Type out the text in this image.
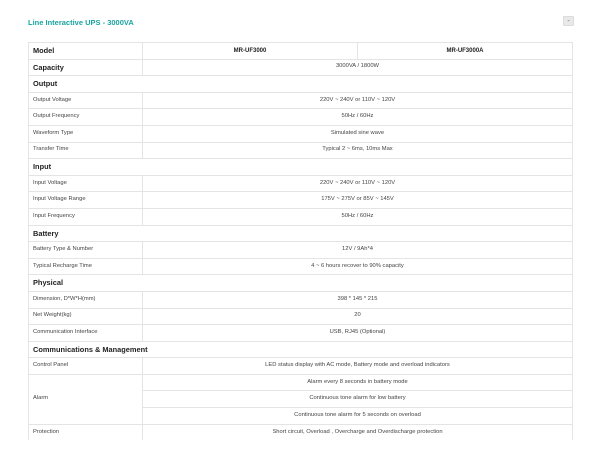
Line Interactive UPS - 3000VA	-
Model	MR-UF3000	MR-UF3000A
Capacity	3000VA / 1800W	
Output		
Output Voltage	220V ~ 240V or 110V ~ 120V	
Output Frequency	50Hz / 60Hz	
Waveform Type	Simulated sine wave	
Transfer Time	Typical 2 ~ 6ms, 10ms Max	
Input		
Input Voltage	220V ~ 240V or 110V ~ 120V	
Input Voltage Range	175V ~ 275V or 85V ~ 145V	
Input Frequency	50Hz / 60Hz	
Battery		
Battery Type & Number	12V / 9Ah*4	
Typical Recharge Time	4 ~ 6 hours recover to 90% capacity	
Physical		
Dimension, D*W*H(mm)	398 * 145 * 215	
Net Weight(kg)	20	
Communication Interface	USB, RJ45 (Optional)	
Communications & Management		
Control Panel	LED status display with AC mode, Battery mode and overload indicators	
Alarm	Alarm every 8 seconds in battery mode	
	Continuous tone alarm for low battery	
	Continuous tone alarm for 5 seconds on overload	
Protection	Short circuit, Overload , Overcharge and Overdischarge protection	
